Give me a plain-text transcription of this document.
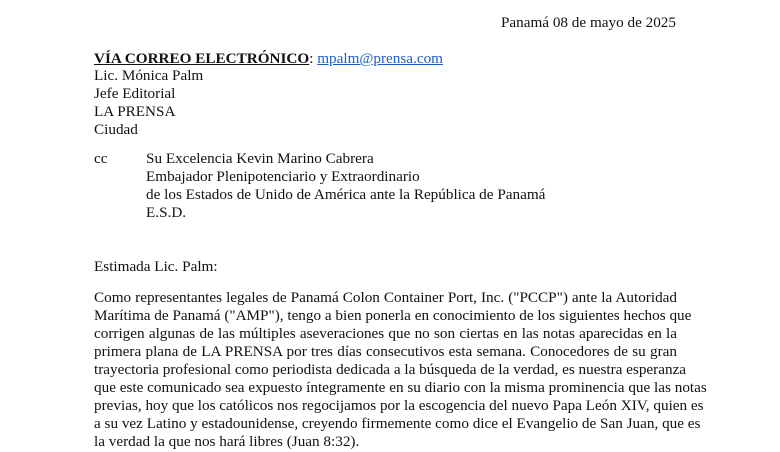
Panamá 08 de mayo de 2025
VÍA CORREO ELECTRÓNICO: mpalm@prensa.com
Lic. Mónica Palm
Jefe Editorial
LA PRENSA
Ciudad
cc	Su Excelencia Kevin Marino Cabrera
Embajador Plenipotenciario y Extraordinario
de los Estados de Unido de América ante la República de Panamá
E.S.D.
Estimada Lic. Palm:
Como representantes legales de Panamá Colon Container Port, Inc. ("PCCP") ante la Autoridad
Marítima de Panamá ("AMP"), tengo a bien ponerla en conocimiento de los siguientes hechos que
corrigen algunas de las múltiples aseveraciones que no son ciertas en las notas aparecidas en la
primera plana de LA PRENSA por tres días consecutivos esta semana. Conocedores de su gran
trayectoria profesional como periodista dedicada a la búsqueda de la verdad, es nuestra esperanza
que este comunicado sea expuesto íntegramente en su diario con la misma prominencia que las notas
previas, hoy que los católicos nos regocijamos por la escogencia del nuevo Papa León XIV, quien es
a su vez Latino y estadounidense, creyendo firmemente como dice el Evangelio de San Juan, que es
la verdad la que nos hará libres (Juan 8:32).
